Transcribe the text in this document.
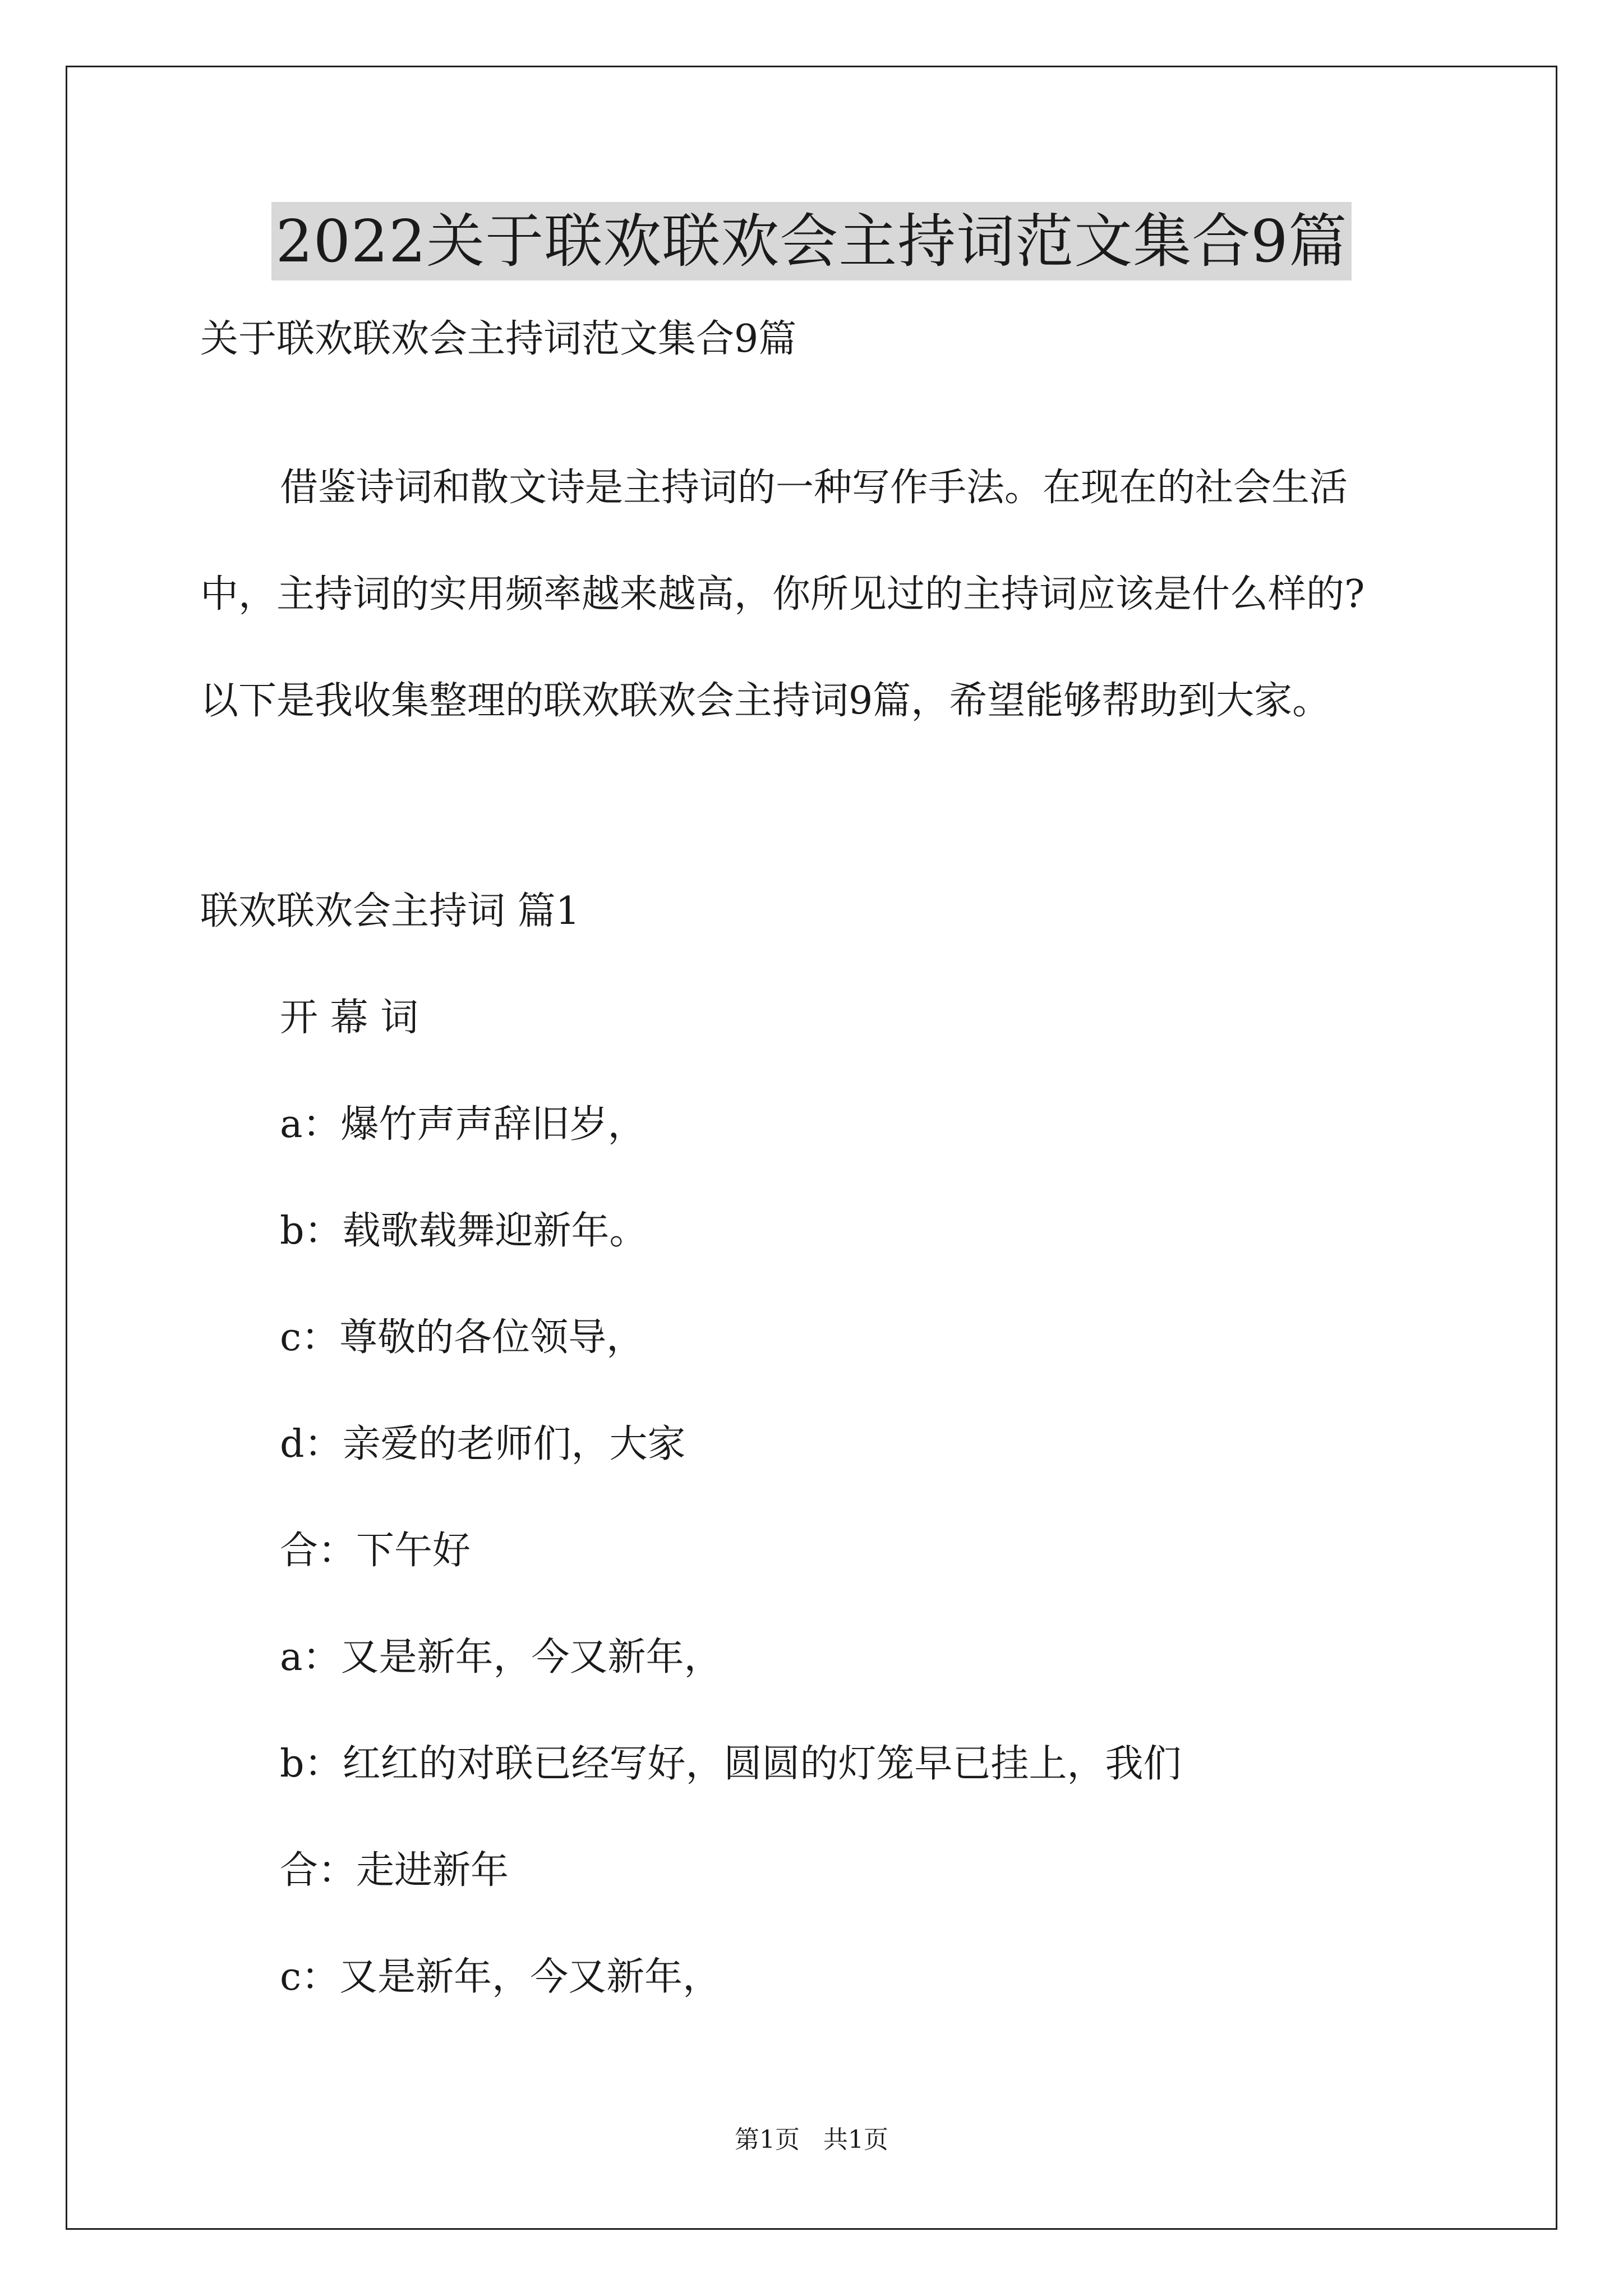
2022关于联欢联欢会主持词范文集合9篇
关于联欢联欢会主持词范文集合9篇
借鉴诗词和散文诗是主持词的一种写作手法。在现在的社会生活
中，主持词的实用频率越来越高，你所见过的主持词应该是什么样的?
以下是我收集整理的联欢联欢会主持词9篇，希望能够帮助到大家。
联欢联欢会主持词 篇1
开 幕 词
a：爆竹声声辞旧岁，
b：载歌载舞迎新年。
c：尊敬的各位领导，
d：亲爱的老师们，大家
合：下午好
a：又是新年，今又新年，
b：红红的对联已经写好，圆圆的灯笼早已挂上，我们
合：走进新年
c：又是新年，今又新年，
第1页   共1页
